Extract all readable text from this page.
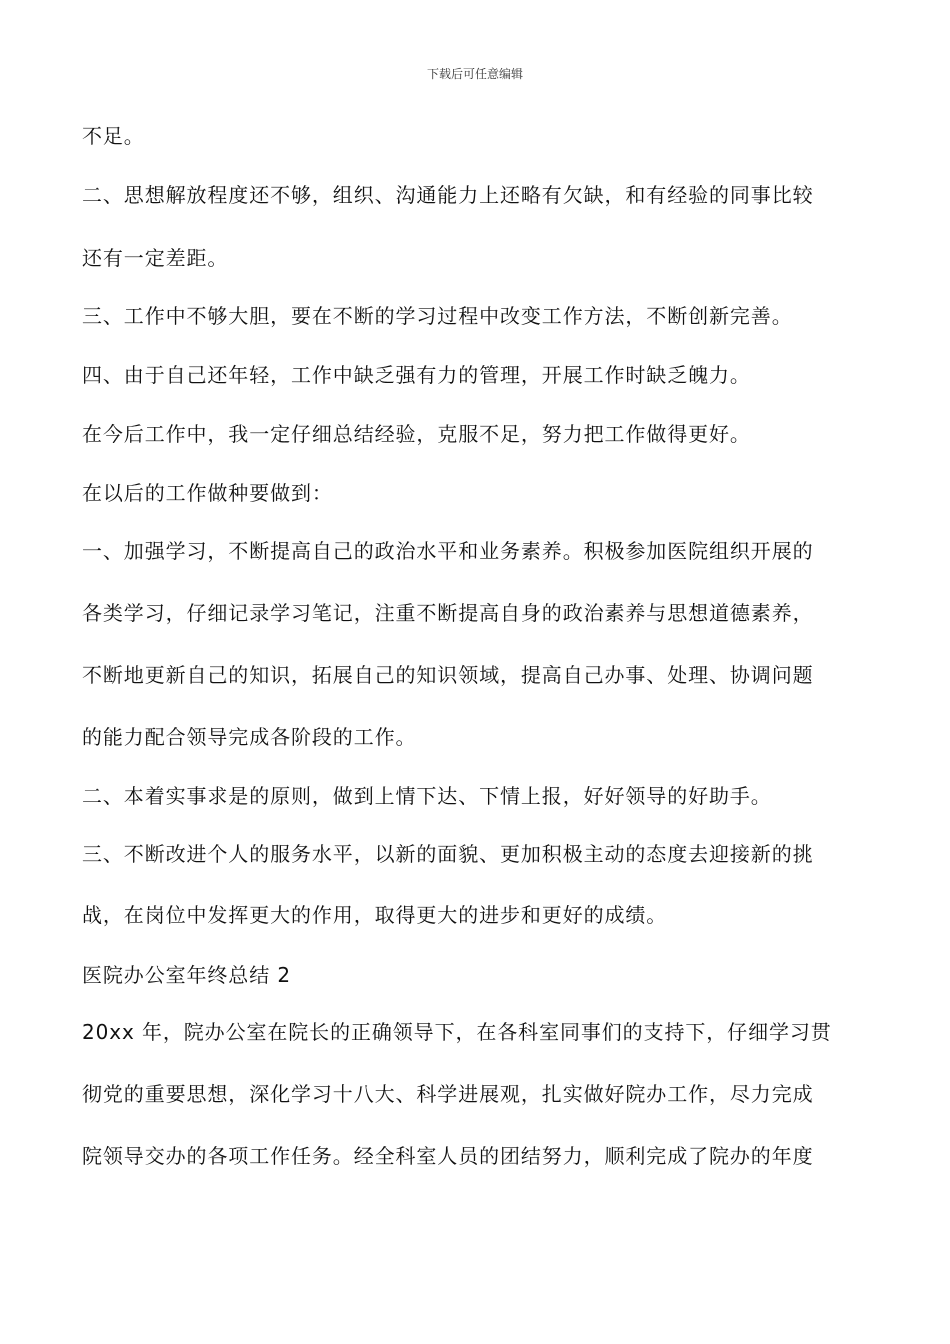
下载后可任意编辑
不足。
二、思想解放程度还不够，组织、沟通能力上还略有欠缺，和有经验的同事比较
还有一定差距。
三、工作中不够大胆，要在不断的学习过程中改变工作方法，不断创新完善。
四、由于自己还年轻，工作中缺乏强有力的管理，开展工作时缺乏魄力。
在今后工作中，我一定仔细总结经验，克服不足，努力把工作做得更好。
在以后的工作做种要做到：
一、加强学习，不断提高自己的政治水平和业务素养。积极参加医院组织开展的
各类学习，仔细记录学习笔记，注重不断提高自身的政治素养与思想道德素养，
不断地更新自己的知识，拓展自己的知识领域，提高自己办事、处理、协调问题
的能力配合领导完成各阶段的工作。
二、本着实事求是的原则，做到上情下达、下情上报，好好领导的好助手。
三、不断改进个人的服务水平，以新的面貌、更加积极主动的态度去迎接新的挑
战，在岗位中发挥更大的作用，取得更大的进步和更好的成绩。
医院办公室年终总结 2
20xx 年，院办公室在院长的正确领导下，在各科室同事们的支持下，仔细学习贯
彻党的重要思想，深化学习十八大、科学进展观，扎实做好院办工作，尽力完成
院领导交办的各项工作任务。经全科室人员的团结努力，顺利完成了院办的年度
